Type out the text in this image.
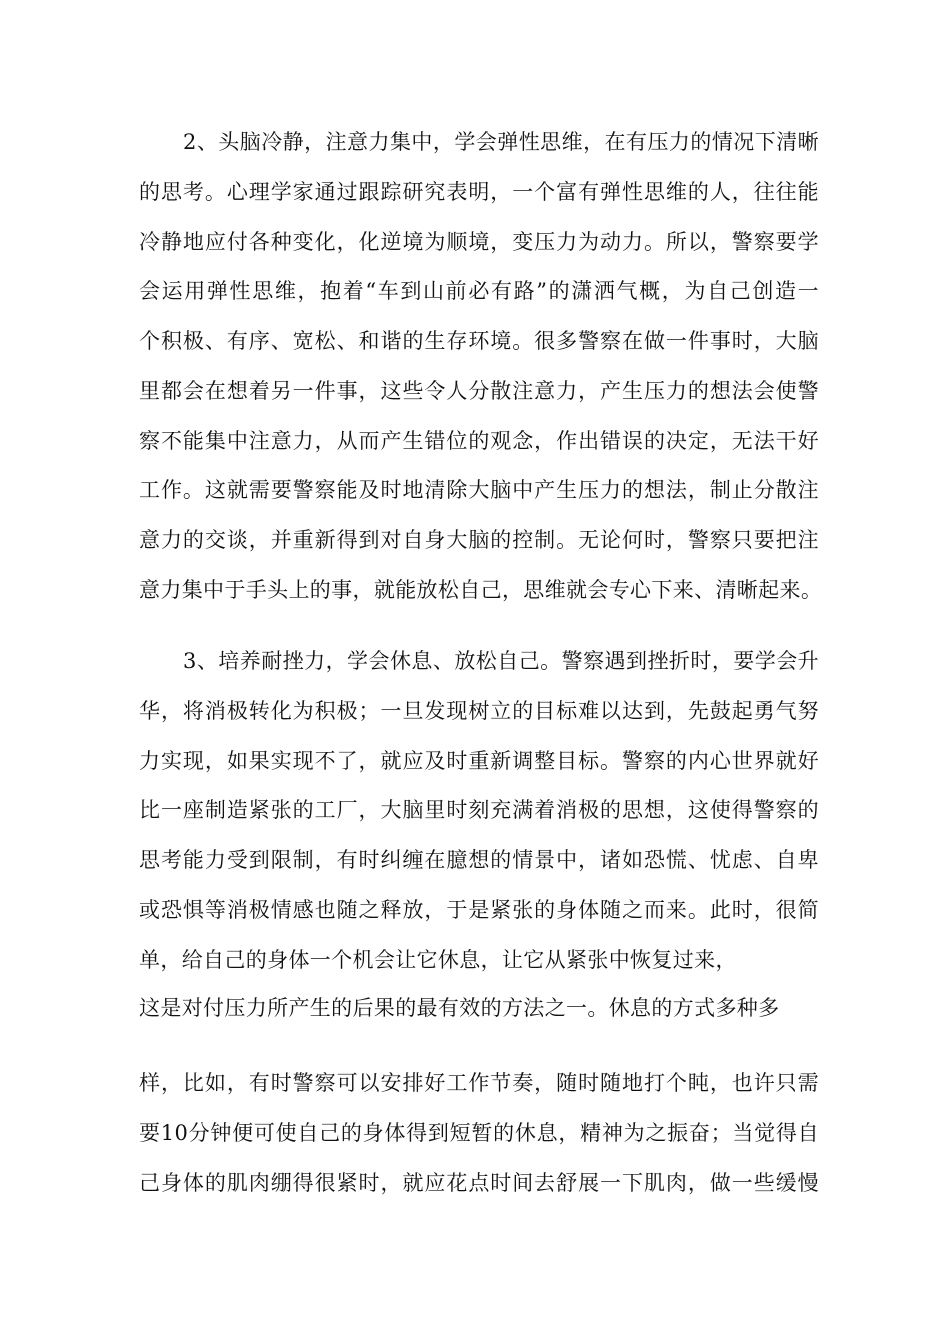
2、头脑冷静，注意力集中，学会弹性思维，在有压力的情况下清晰
的思考。心理学家通过跟踪研究表明，一个富有弹性思维的人，往往能
冷静地应付各种变化，化逆境为顺境，变压力为动力。所以，警察要学
会运用弹性思维，抱着“车到山前必有路”的潇洒气概，为自己创造一
个积极、有序、宽松、和谐的生存环境。很多警察在做一件事时，大脑
里都会在想着另一件事，这些令人分散注意力，产生压力的想法会使警
察不能集中注意力，从而产生错位的观念，作出错误的决定，无法干好
工作。这就需要警察能及时地清除大脑中产生压力的想法，制止分散注
意力的交谈，并重新得到对自身大脑的控制。无论何时，警察只要把注
意力集中于手头上的事，就能放松自己，思维就会专心下来、清晰起来。
3、培养耐挫力，学会休息、放松自己。警察遇到挫折时，要学会升
华，将消极转化为积极；一旦发现树立的目标难以达到，先鼓起勇气努
力实现，如果实现不了，就应及时重新调整目标。警察的内心世界就好
比一座制造紧张的工厂，大脑里时刻充满着消极的思想，这使得警察的
思考能力受到限制，有时纠缠在臆想的情景中，诸如恐慌、忧虑、自卑
或恐惧等消极情感也随之释放，于是紧张的身体随之而来。此时，很简
单，给自己的身体一个机会让它休息，让它从紧张中恢复过来，
这是对付压力所产生的后果的最有效的方法之一。休息的方式多种多
样，比如，有时警察可以安排好工作节奏，随时随地打个盹，也许只需
要10分钟便可使自己的身体得到短暂的休息，精神为之振奋；当觉得自
己身体的肌肉绷得很紧时，就应花点时间去舒展一下肌肉，做一些缓慢
